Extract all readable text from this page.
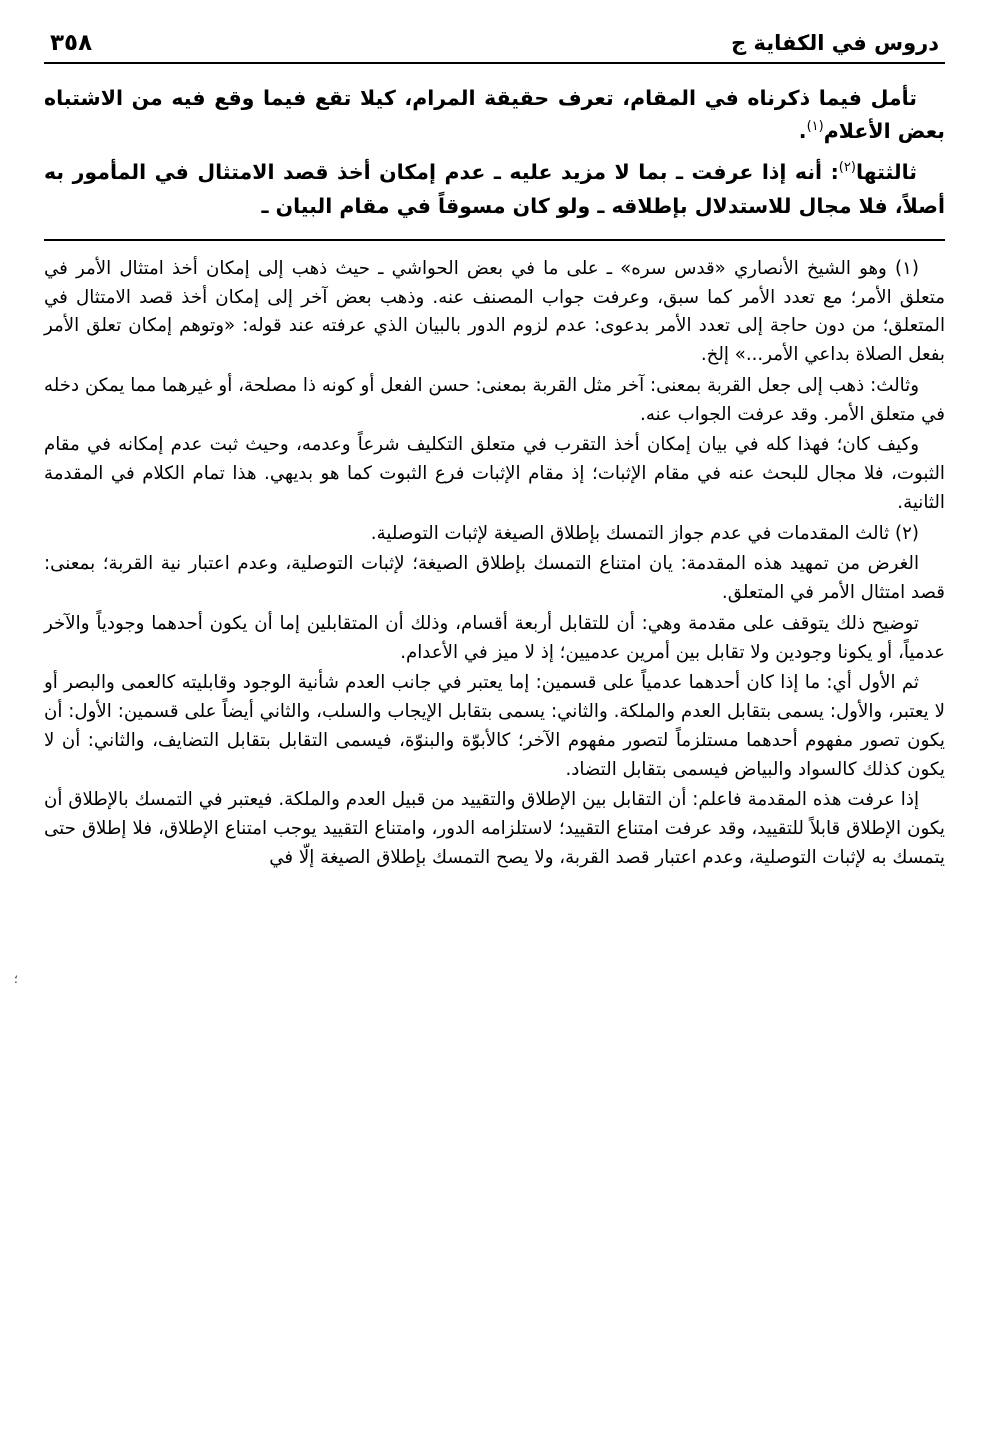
٣٥٨	دروس في الكفاية ج

تأمل فيما ذكرناه في المقام، تعرف حقيقة المرام، كيلا تقع فيما وقع فيه من الاشتباه بعض الأعلام$^{(١)}$.

ثالثتها$^{(٢)}$: أنه إذا عرفت ـ بما لا مزيد عليه ـ عدم إمكان أخذ قصد الامتثال في المأمور به أصلاً، فلا مجال للاستدلال بإطلاقه ـ ولو كان مسوقاً في مقام البيان ـ

(١) وهو الشيخ الأنصاري «قدس سره» ـ على ما في بعض الحواشي ـ حيث ذهب إلى إمكان أخذ امتثال الأمر في متعلق الأمر؛ مع تعدد الأمر كما سبق، وعرفت جواب المصنف عنه. وذهب بعض آخر إلى إمكان أخذ قصد الامتثال في المتعلق؛ من دون حاجة إلى تعدد الأمر بدعوى: عدم لزوم الدور بالبيان الذي عرفته عند قوله: «وتوهم إمكان تعلق الأمر بفعل الصلاة بداعي الأمر...» إلخ.

وثالث: ذهب إلى جعل القربة بمعنى: آخر مثل القربة بمعنى: حسن الفعل أو كونه ذا مصلحة، أو غيرهما مما يمكن دخله في متعلق الأمر. وقد عرفت الجواب عنه.

وكيف كان؛ فهذا كله في بيان إمكان أخذ التقرب في متعلق التكليف شرعاً وعدمه، وحيث ثبت عدم إمكانه في مقام الثبوت، فلا مجال للبحث عنه في مقام الإثبات؛ إذ مقام الإثبات فرع الثبوت كما هو بديهي. هذا تمام الكلام في المقدمة الثانية.

(٢) ثالث المقدمات في عدم جواز التمسك بإطلاق الصيغة لإثبات التوصلية.

الغرض من تمهيد هذه المقدمة: يان امتناع التمسك بإطلاق الصيغة؛ لإثبات التوصلية، وعدم اعتبار نية القربة؛ بمعنى: قصد امتثال الأمر في المتعلق.

توضيح ذلك يتوقف على مقدمة وهي: أن للتقابل أربعة أقسام، وذلك أن المتقابلين إما أن يكون أحدهما وجودياً والآخر عدمياً، أو يكونا وجودين ولا تقابل بين أمرين عدميين؛ إذ لا ميز في الأعدام.

ثم الأول أي: ما إذا كان أحدهما عدمياً على قسمين: إما يعتبر في جانب العدم شأنية الوجود وقابليته كالعمى والبصر أو لا يعتبر، والأول: يسمى بتقابل العدم والملكة. والثاني: يسمى بتقابل الإيجاب والسلب، والثاني أيضاً على قسمين: الأول: أن يكون تصور مفهوم أحدهما مستلزماً لتصور مفهوم الآخر؛ كالأبوّة والبنوّة، فيسمى التقابل بتقابل التضايف، والثاني: أن لا يكون كذلك كالسواد والبياض فيسمى بتقابل التضاد.

إذا عرفت هذه المقدمة فاعلم: أن التقابل بين الإطلاق والتقييد من قبيل العدم والملكة. فيعتبر في التمسك بالإطلاق أن يكون الإطلاق قابلاً للتقييد، وقد عرفت امتناع التقييد؛ لاستلزامه الدور، وامتناع التقييد يوجب امتناع الإطلاق، فلا إطلاق حتى يتمسك به لإثبات التوصلية، وعدم اعتبار قصد القربة، ولا يصح التمسك بإطلاق الصيغة إلّا في

؛
